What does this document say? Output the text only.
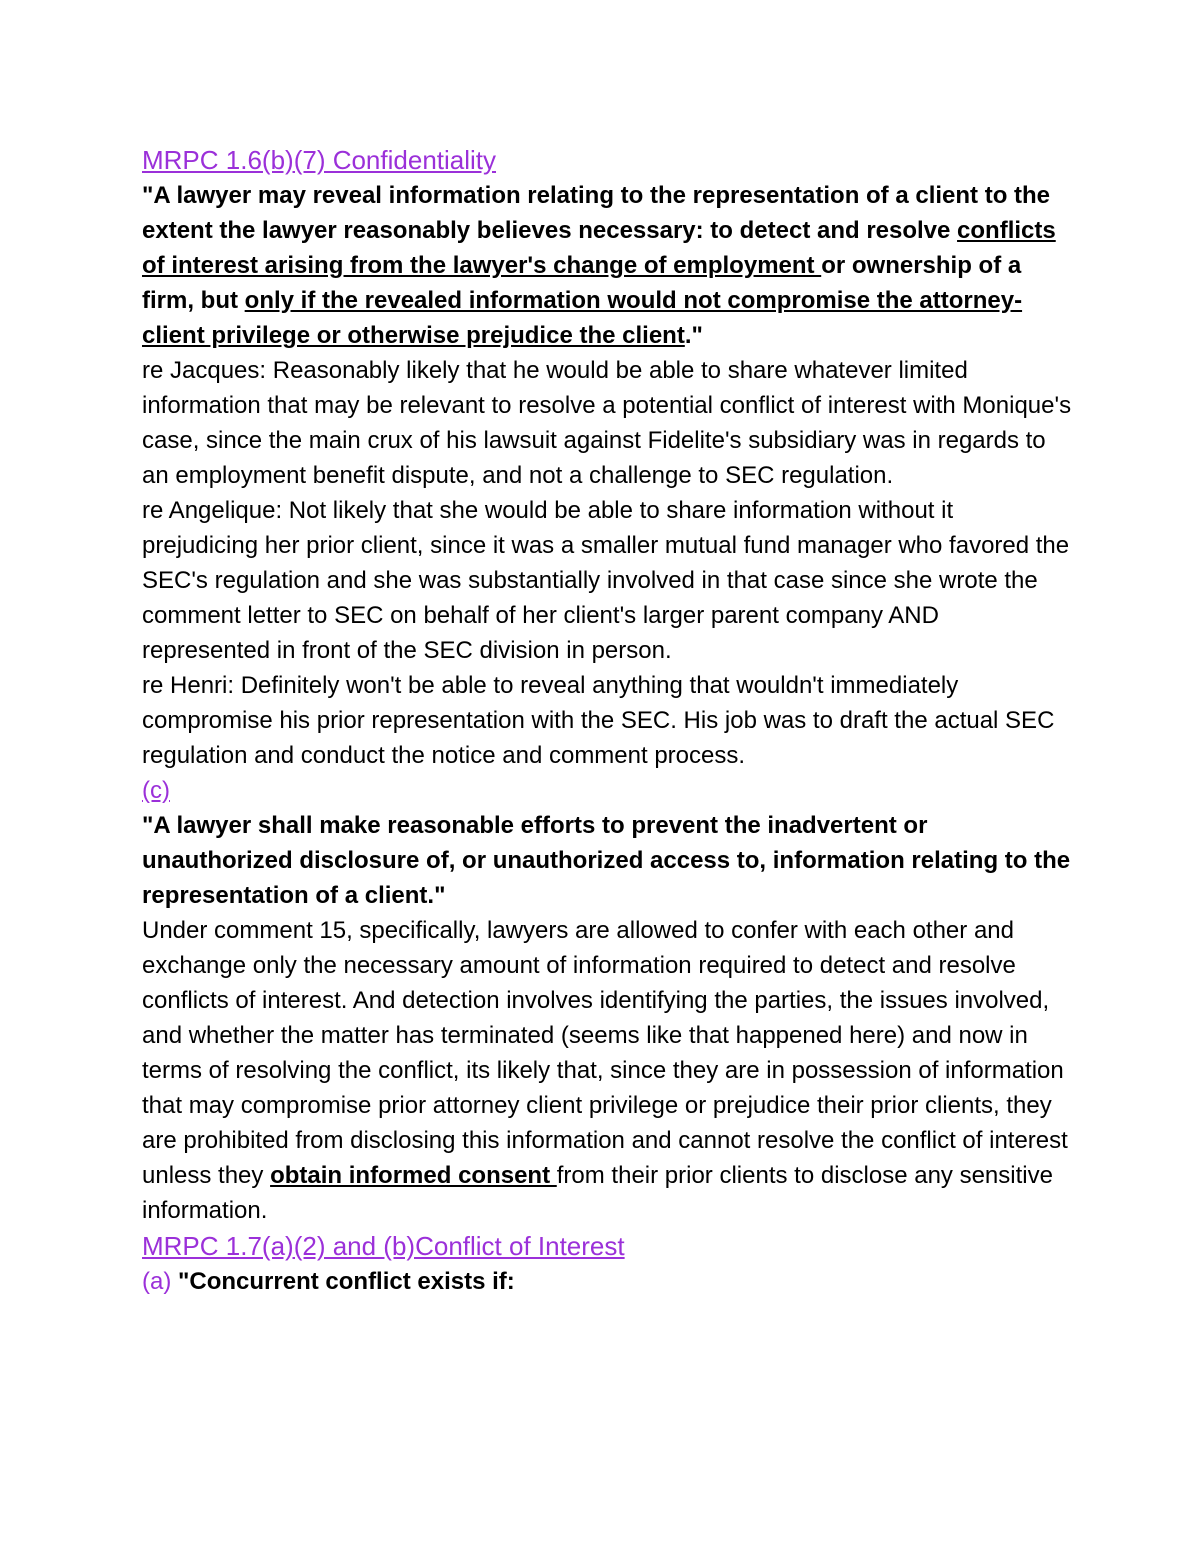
MRPC 1.6(b)(7) Confidentiality

"A lawyer may reveal information relating to the representation of a client to the extent the lawyer reasonably believes necessary: to detect and resolve conflicts of interest arising from the lawyer's change of employment or ownership of a firm, but only if the revealed information would not compromise the attorney-client privilege or otherwise prejudice the client."

re Jacques: Reasonably likely that he would be able to share whatever limited information that may be relevant to resolve a potential conflict of interest with Monique's case, since the main crux of his lawsuit against Fidelite's subsidiary was in regards to an employment benefit dispute, and not a challenge to SEC regulation.

re Angelique: Not likely that she would be able to share information without it prejudicing her prior client, since it was a smaller mutual fund manager who favored the SEC's regulation and she was substantially involved in that case since she wrote the comment letter to SEC on behalf of her client's larger parent company AND represented in front of the SEC division in person.

re Henri: Definitely won't be able to reveal anything that wouldn't immediately compromise his prior representation with the SEC. His job was to draft the actual SEC regulation and conduct the notice and comment process.

(c)

"A lawyer shall make reasonable efforts to prevent the inadvertent or unauthorized disclosure of, or unauthorized access to, information relating to the representation of a client."

Under comment 15, specifically, lawyers are allowed to confer with each other and exchange only the necessary amount of information required to detect and resolve conflicts of interest. And detection involves identifying the parties, the issues involved, and whether the matter has terminated (seems like that happened here) and now in terms of resolving the conflict, its likely that, since they are in possession of information that may compromise prior attorney client privilege or prejudice their prior clients, they are prohibited from disclosing this information and cannot resolve the conflict of interest unless they obtain informed consent from their prior clients to disclose any sensitive information.

MRPC 1.7(a)(2) and (b)Conflict of Interest

(a) "Concurrent conflict exists if:
